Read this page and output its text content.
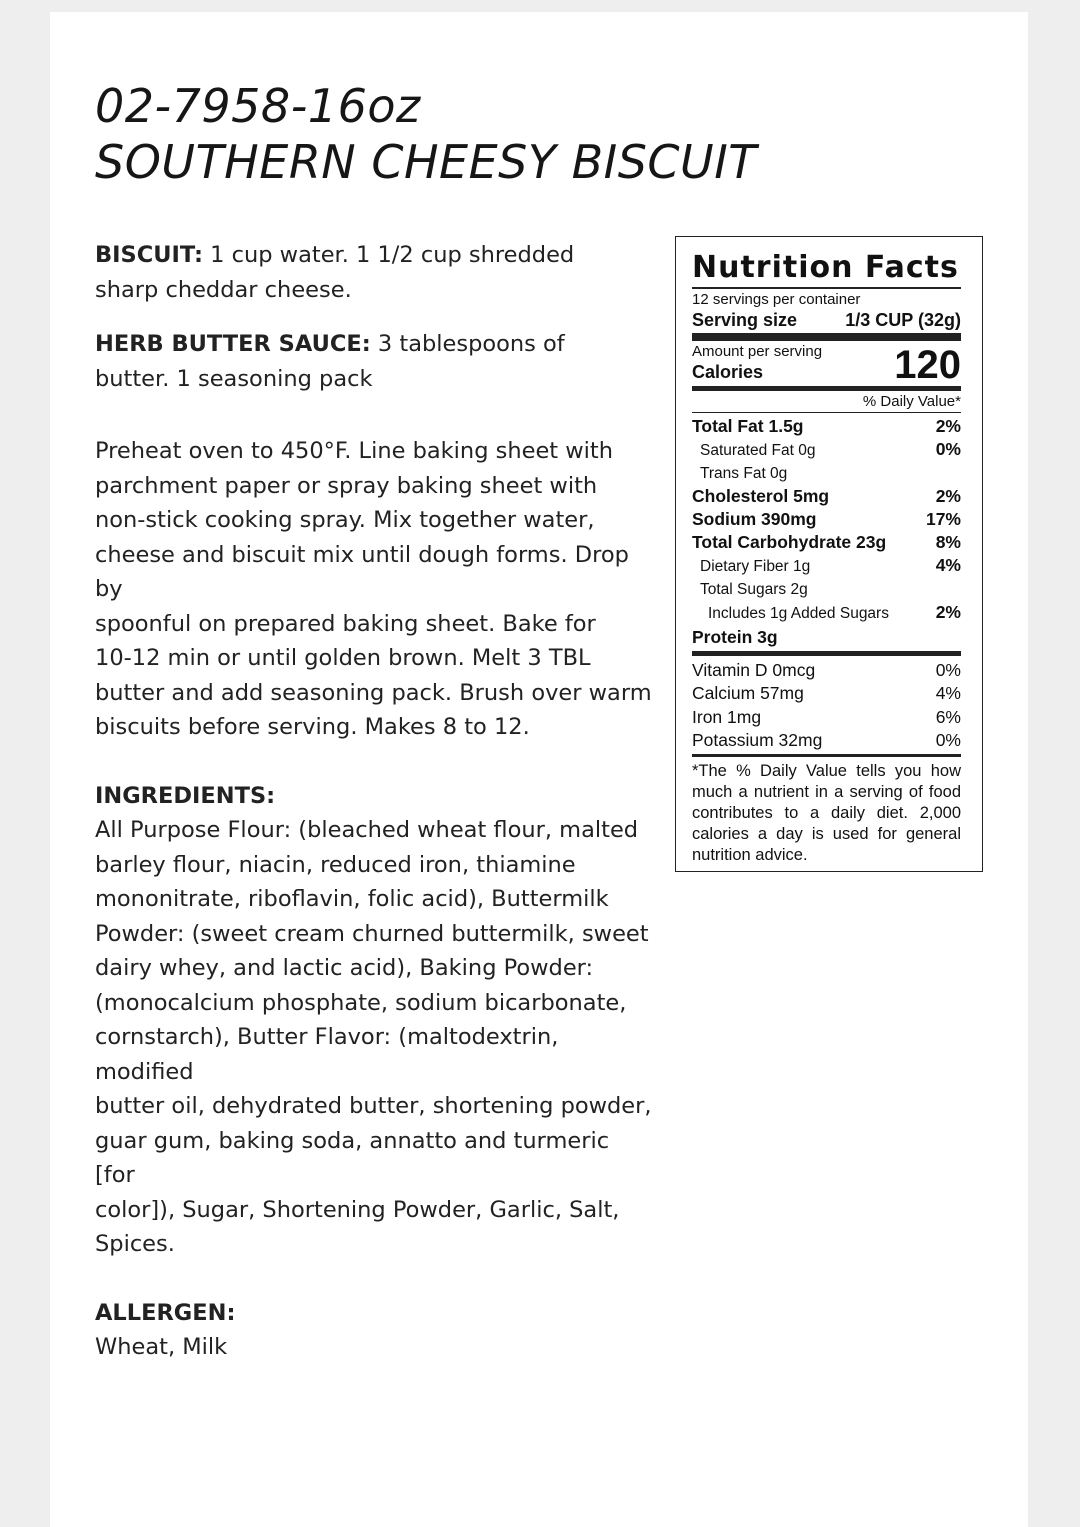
02-7958-16oz
SOUTHERN CHEESY BISCUIT

BISCUIT: 1 cup water. 1 1/2 cup shredded

sharp cheddar cheese.

HERB BUTTER SAUCE: 3 tablespoons of

butter. 1 seasoning pack

Preheat oven to 450°F. Line baking sheet with

parchment paper or spray baking sheet with

non-stick cooking spray. Mix together water,

cheese and biscuit mix until dough forms. Drop by

spoonful on prepared baking sheet. Bake for

10-12 min or until golden brown. Melt 3 TBL

butter and add seasoning pack. Brush over warm

biscuits before serving. Makes 8 to 12.

INGREDIENTS:

All Purpose Flour: (bleached wheat flour, malted

barley flour, niacin, reduced iron, thiamine

mononitrate, riboflavin, folic acid), Buttermilk

Powder: (sweet cream churned buttermilk, sweet

dairy whey, and lactic acid), Baking Powder:

(monocalcium phosphate, sodium bicarbonate,

cornstarch), Butter Flavor: (maltodextrin, modified

butter oil, dehydrated butter, shortening powder,

guar gum, baking soda, annatto and turmeric [for

color]), Sugar, Shortening Powder, Garlic, Salt,

Spices.

ALLERGEN:

Wheat, Milk

Nutrition Facts
12 servings per container
Serving size	1/3 CUP (32g)
Amount per serving
Calories	120
% Daily Value*
Total Fat 1.5g	2%
Saturated Fat 0g	0%
Trans Fat 0g
Cholesterol 5mg	2%
Sodium 390mg	17%
Total Carbohydrate 23g	8%
Dietary Fiber 1g	4%
Total Sugars 2g
Includes 1g Added Sugars	2%
Protein 3g
Vitamin D 0mcg	0%
Calcium 57mg	4%
Iron 1mg	6%
Potassium 32mg	0%
*The % Daily Value tells you how much a nutrient in a serving of food contributes to a daily diet. 2,000 calories a day is used for general nutrition advice.
